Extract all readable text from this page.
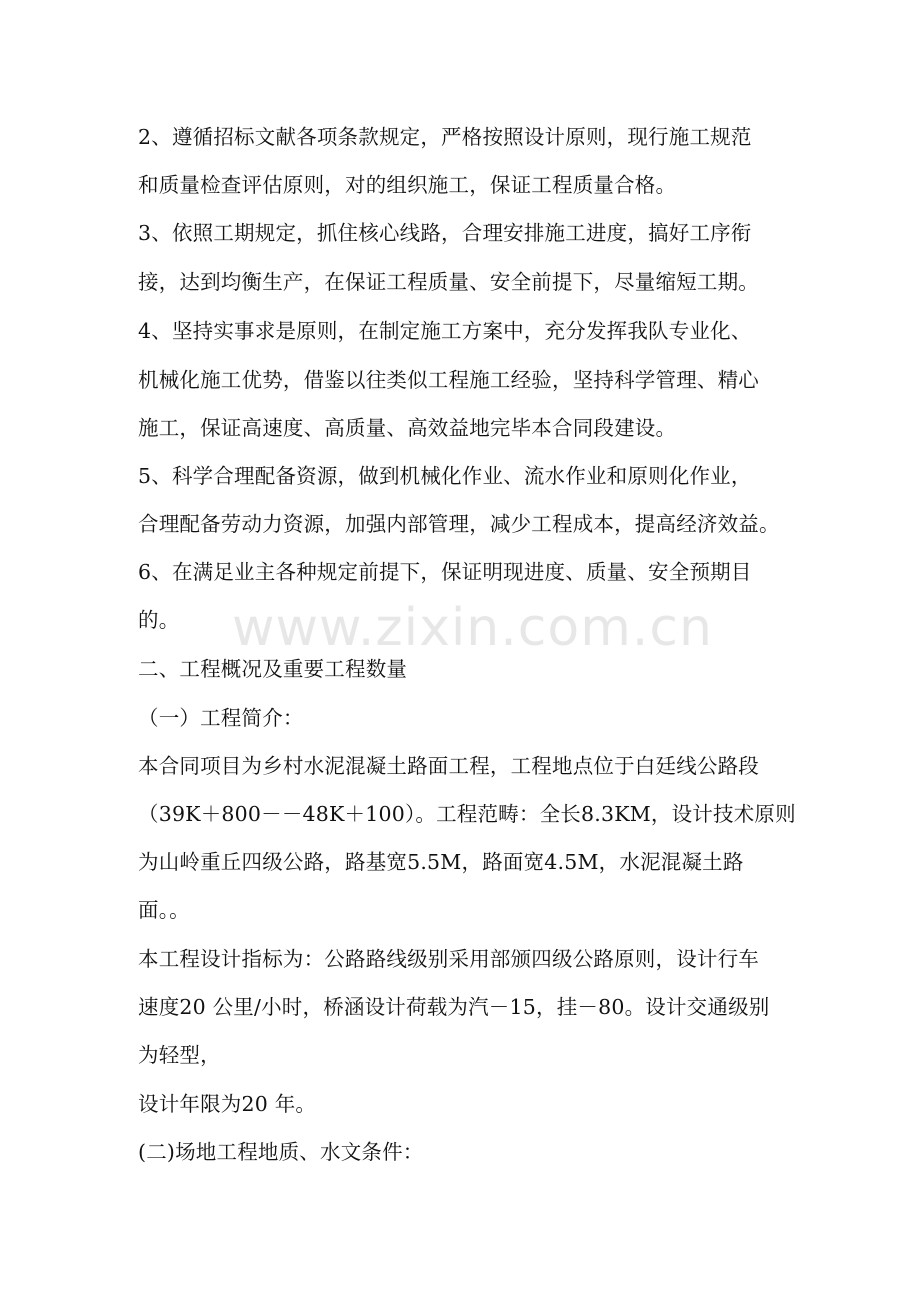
2、遵循招标文献各项条款规定，严格按照设计原则，现行施工规范
和质量检查评估原则，对的组织施工，保证工程质量合格。
3、依照工期规定，抓住核心线路，合理安排施工进度，搞好工序衔
接，达到均衡生产，在保证工程质量、安全前提下，尽量缩短工期。
4、坚持实事求是原则，在制定施工方案中，充分发挥我队专业化、
机械化施工优势，借鉴以往类似工程施工经验，坚持科学管理、精心
施工，保证高速度、高质量、高效益地完毕本合同段建设。
5、科学合理配备资源，做到机械化作业、流水作业和原则化作业，
合理配备劳动力资源，加强内部管理，减少工程成本，提高经济效益。
6、在满足业主各种规定前提下，保证明现进度、质量、安全预期目
的。
二、工程概况及重要工程数量
（一）工程简介：
本合同项目为乡村水泥混凝土路面工程，工程地点位于白廷线公路段
（39K＋800－－48K＋100）。工程范畴：全长8.3KM，设计技术原则
为山岭重丘四级公路，路基宽5.5M，路面宽4.5M，水泥混凝土路
面。。
本工程设计指标为：公路路线级别采用部颁四级公路原则，设计行车
速度20 公里/小时，桥涵设计荷载为汽－15，挂－80。设计交通级别
为轻型，
设计年限为20 年。
(二)场地工程地质、水文条件：
www.zixin.com.cn
